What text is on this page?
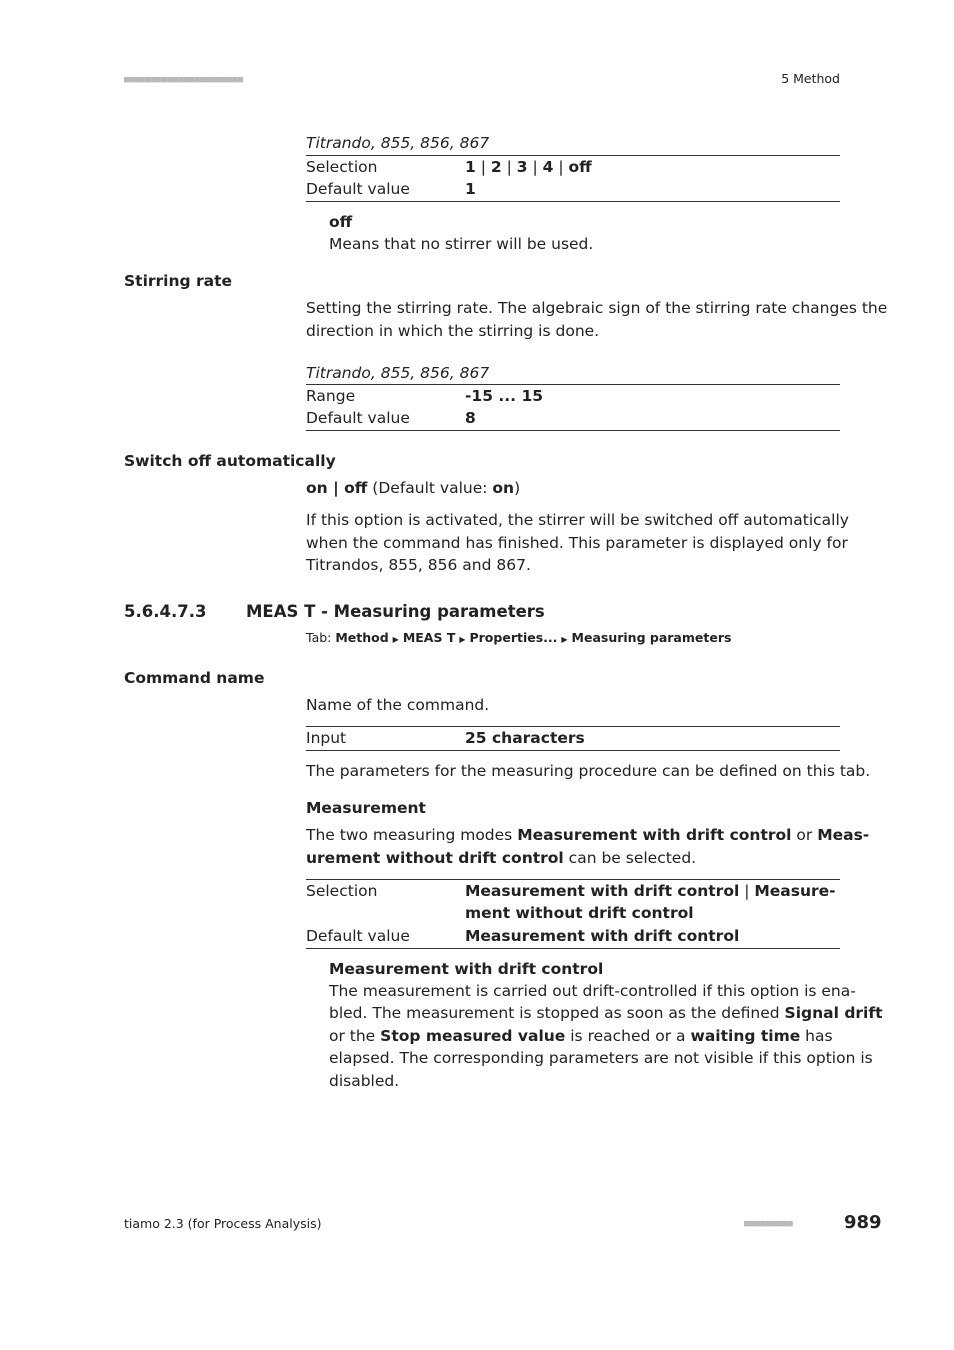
■■■■■■■■■■■■■■■■■■■■■■	5 Method
Titrando, 855, 856, 867
Selection	1 | 2 | 3 | 4 | off
Default value	1
off
Means that no stirrer will be used.
Stirring rate
Setting the stirring rate. The algebraic sign of the stirring rate changes the
direction in which the stirring is done.
Titrando, 855, 856, 867
Range	-15 ... 15
Default value	8
Switch off automatically
on | off (Default value: on)
If this option is activated, the stirrer will be switched off automatically
when the command has finished. This parameter is displayed only for
Titrandos, 855, 856 and 867.
5.6.4.7.3 MEAS T - Measuring parameters
Tab: Method ▶ MEAS T ▶ Properties... ▶ Measuring parameters
Command name
Name of the command.
Input	25 characters
The parameters for the measuring procedure can be defined on this tab.
Measurement
The two measuring modes Measurement with drift control or Meas-
urement without drift control can be selected.
Selection	Measurement with drift control | Measure-
ment without drift control
Default value	Measurement with drift control
Measurement with drift control
The measurement is carried out drift-controlled if this option is ena-
bled. The measurement is stopped as soon as the defined Signal drift
or the Stop measured value is reached or a waiting time has
elapsed. The corresponding parameters are not visible if this option is
disabled.
tiamo 2.3 (for Process Analysis)	■■■■■■■■■	989
